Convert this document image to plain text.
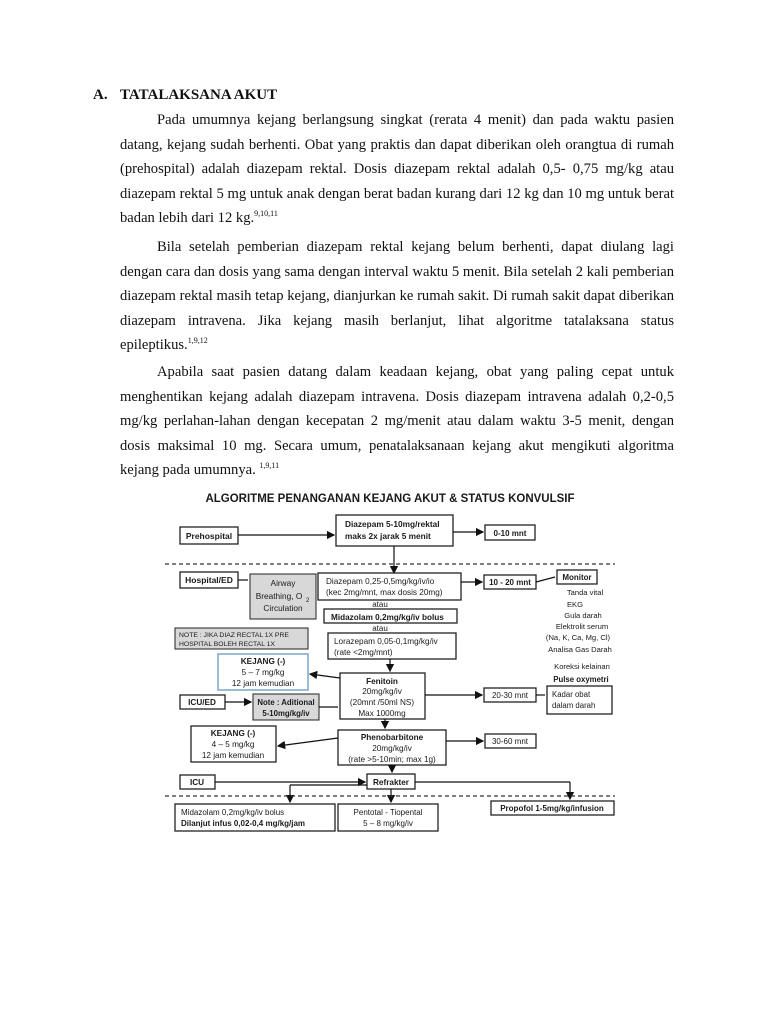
A. TATALAKSANA AKUT

Pada umumnya kejang berlangsung singkat (rerata 4 menit) dan pada waktu pasien datang, kejang sudah berhenti. Obat yang praktis dan dapat diberikan oleh orangtua di rumah (prehospital) adalah diazepam rektal. Dosis diazepam rektal adalah 0,5- 0,75 mg/kg atau diazepam rektal 5 mg untuk anak dengan berat badan kurang dari 12 kg dan 10 mg untuk berat badan lebih dari 12 kg.$^{9,10,11}$

Bila setelah pemberian diazepam rektal kejang belum berhenti, dapat diulang lagi dengan cara dan dosis yang sama dengan interval waktu 5 menit. Bila setelah 2 kali pemberian diazepam rektal masih tetap kejang, dianjurkan ke rumah sakit. Di rumah sakit dapat diberikan diazepam intravena. Jika kejang masih berlanjut, lihat algoritme tatalaksana status epileptikus.$^{1,9,12}$

Apabila saat pasien datang dalam keadaan kejang, obat yang paling cepat untuk menghentikan kejang adalah diazepam intravena. Dosis diazepam intravena adalah 0,2-0,5 mg/kg perlahan-lahan dengan kecepatan 2 mg/menit atau dalam waktu 3-5 menit, dengan dosis maksimal 10 mg. Secara umum, penatalaksanaan kejang akut mengikuti algoritma kejang pada umumnya. $^{1,9,11}$

ALGORITME PENANGANAN KEJANG AKUT & STATUS KONVULSIF
Prehospital
Diazepam 5-10mg/rektal
maks 2x jarak 5 menit	0-10 mnt
Hospital/ED	Airway
Breathing, O 2
Circulation
Diazepam 0,25-0,5mg/kg/iv/io
(kec 2mg/mnt, max dosis 20mg)
10 - 20 mnt
atau
Midazolam 0,2mg/kg/iv bolus
atau
Lorazepam 0,05-0,1mg/kg/iv
(rate <2mg/mnt)
NOTE : JIKA DIAZ RECTAL 1X PRE
HOSPITAL BOLEH RECTAL 1X
Monitor
Tanda vital
EKG
Gula darah
Elektrolit serum
(Na, K, Ca, Mg, Cl)
Analisa Gas Darah
Koreksi kelainan
Pulse oxymetri
KEJANG (-)
5 – 7 mg/kg
12 jam kemudian	Fenitoin
20mg/kg/iv
(20mnt /50ml NS)
Max 1000mg
20-30 mnt	Kadar obat
dalam darah
ICU/ED	Note : Aditional
5-10mg/kg/iv
KEJANG (-)
4 – 5 mg/kg
12 jam kemudian
Phenobarbitone
20mg/kg/iv
(rate >5-10min; max 1g)
30-60 mnt
ICU	Refrakter
Midazolam 0,2mg/kg/iv bolus
Dilanjut infus 0,02-0,4 mg/kg/jam
Pentotal - Tiopental
5 – 8 mg/kg/iv
Propofol 1-5mg/kg/infusion
